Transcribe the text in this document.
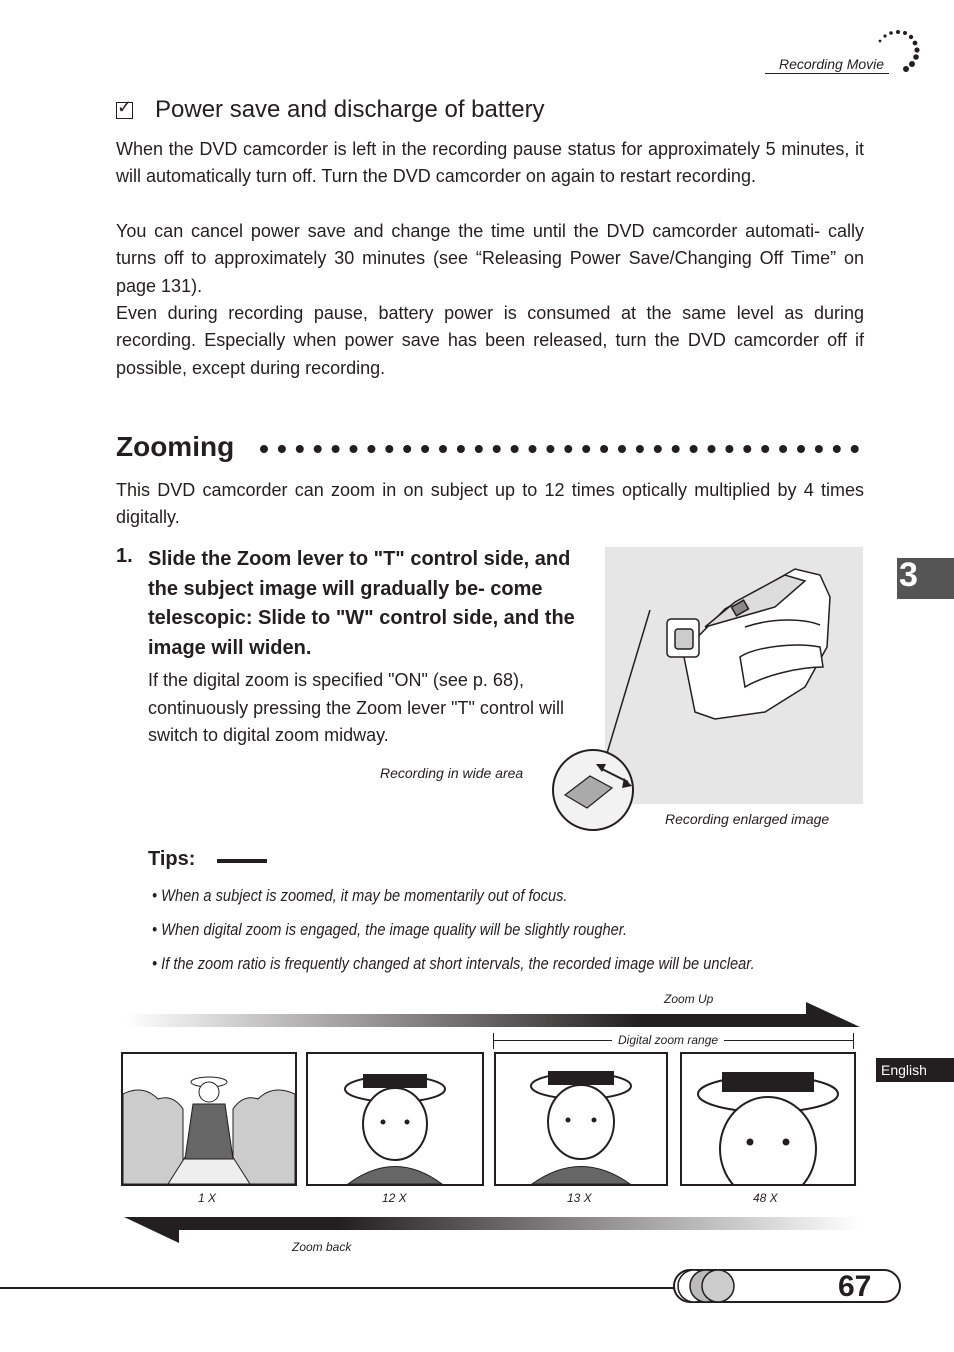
Recording Movie
✓
Power save and discharge of battery
When the DVD camcorder is left in the recording pause status for approximately 5 minutes, it will automatically turn off. Turn the DVD camcorder on again to restart recording.
You can cancel power save and change the time until the DVD camcorder automati- cally turns off to approximately 30 minutes (see “Releasing Power Save/Changing Off Time” on page 131).
Even during recording pause, battery power is consumed at the same level as during recording. Especially when power save has been released, turn the DVD camcorder off if possible, except during recording.
Zooming
This DVD camcorder can zoom in on subject up to 12 times optically multiplied by 4 times digitally.
1. Slide the Zoom lever to "T" control side, and the subject image will gradually be- come telescopic: Slide to "W" control side, and the image will widen.
If the digital zoom is specified "ON" (see p. 68), continuously pressing the Zoom lever "T" control will switch to digital zoom midway.
Recording in wide area
Recording enlarged image
Tips:
• When a subject is zoomed, it may be momentarily out of focus.
• When digital zoom is engaged, the image quality will be slightly rougher.
• If the zoom ratio is frequently changed at short intervals, the recorded image will be unclear.
Zoom Up
Digital zoom range
1 X	12 X	13 X	48 X
Zoom back
3
English
67
